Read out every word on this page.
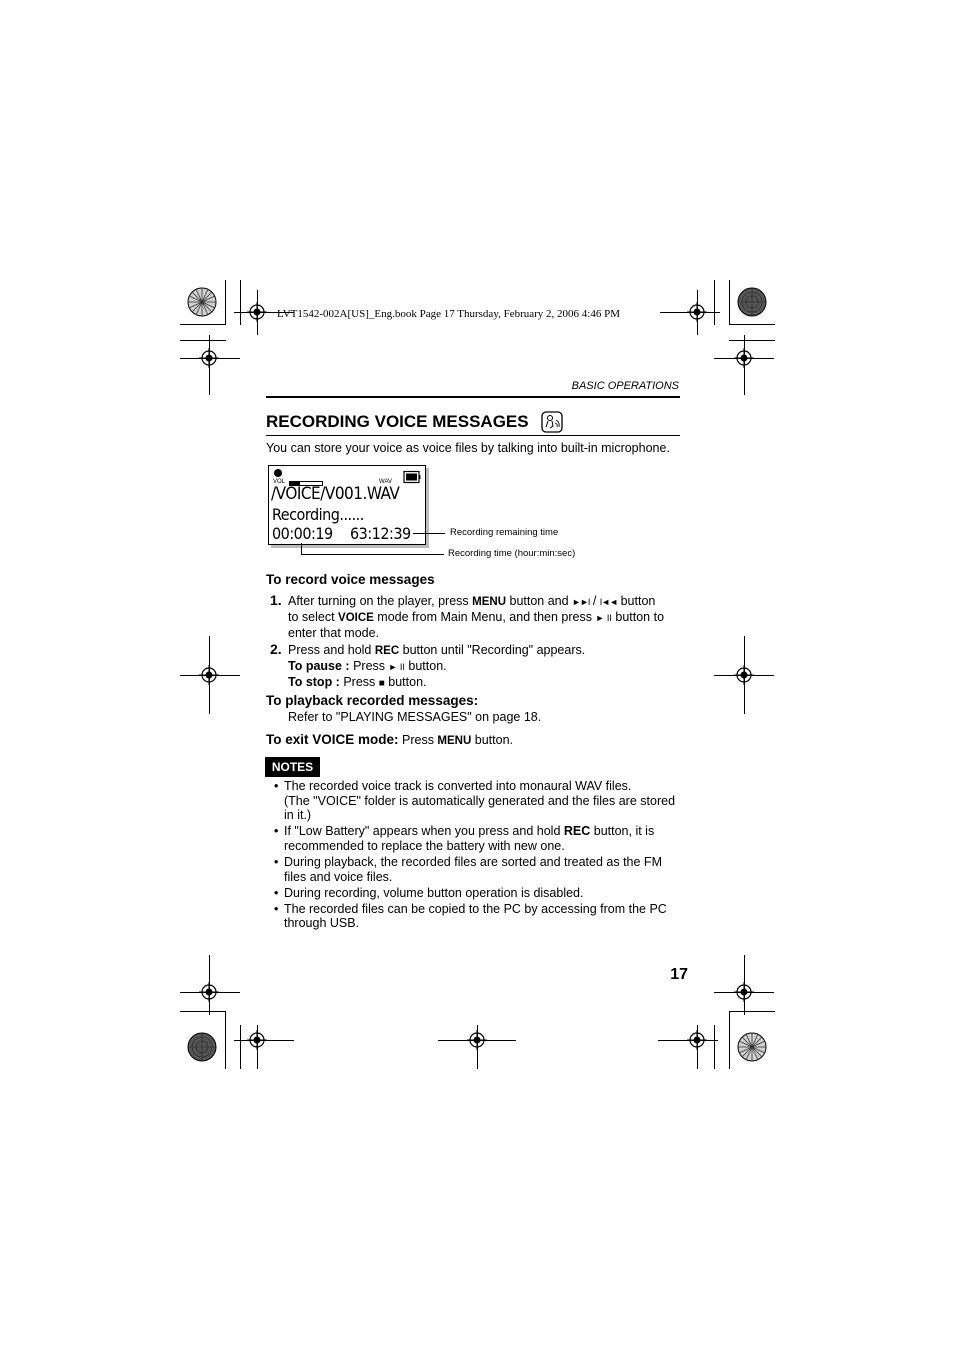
LVT1542-002A[US]_Eng.book Page 17 Thursday, February 2, 2006 4:46 PM
BASIC OPERATIONS
RECORDING VOICE MESSAGES
You can store your voice as voice files by talking into built-in microphone.
VOL	WAV
/VOICE/V001.WAV
Recording......
00:00:19 63:12:39	Recording remaining time
Recording time (hour:min:sec)
To record voice messages
1. After turning on the player, press MENU button and ►►I / I◄◄ button
to select VOICE mode from Main Menu, and then press ► II button to
enter that mode.
2. Press and hold REC button until "Recording" appears.
To pause : Press ► II button.
To stop : Press ■ button.
To playback recorded messages:
Refer to "PLAYING MESSAGES" on page 18.
To exit VOICE mode: Press MENU button.
NOTES
• The recorded voice track is converted into monaural WAV files.
(The "VOICE" folder is automatically generated and the files are stored in it.)
• If "Low Battery" appears when you press and hold REC button, it is recommended to replace the battery with new one.
• During playback, the recorded files are sorted and treated as the FM files and voice files.
• During recording, volume button operation is disabled.
• The recorded files can be copied to the PC by accessing from the PC through USB.
17
